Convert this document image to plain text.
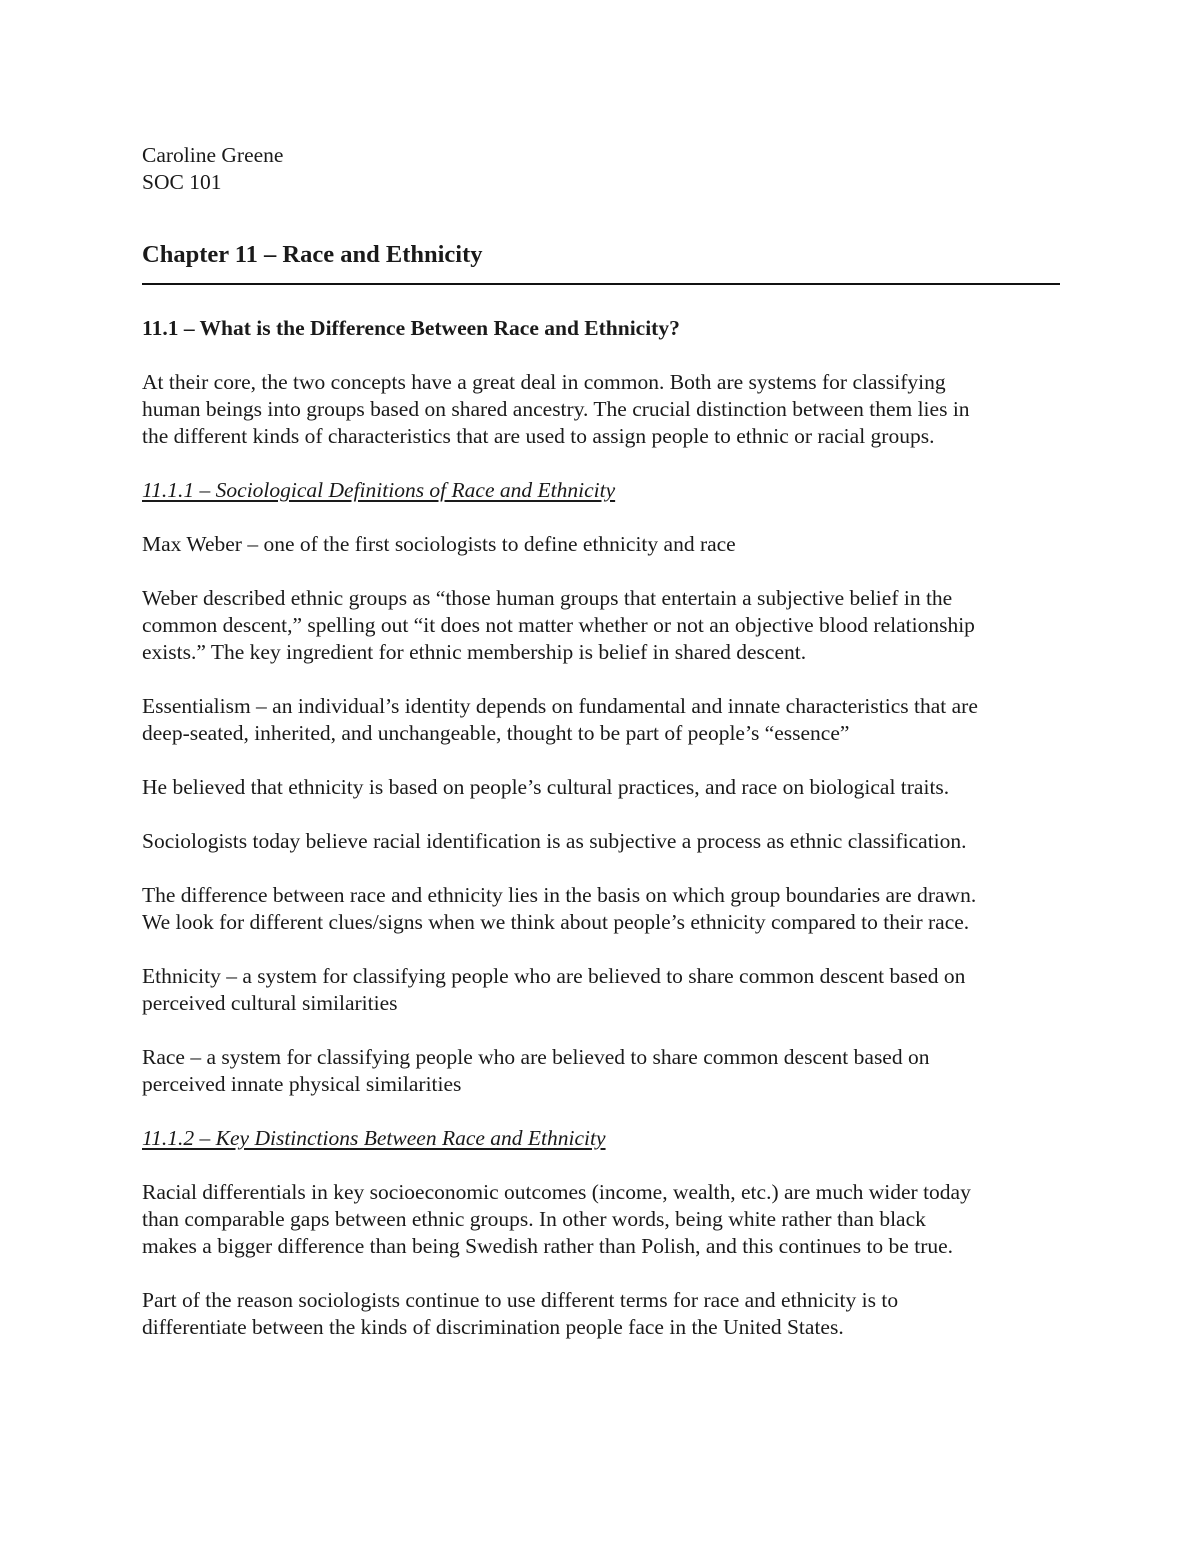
Caroline Greene
SOC 101
Chapter 11 – Race and Ethnicity
11.1 – What is the Difference Between Race and Ethnicity?
At their core, the two concepts have a great deal in common. Both are systems for classifying
human beings into groups based on shared ancestry. The crucial distinction between them lies in
the different kinds of characteristics that are used to assign people to ethnic or racial groups.
11.1.1 – Sociological Definitions of Race and Ethnicity
Max Weber – one of the first sociologists to define ethnicity and race
Weber described ethnic groups as “those human groups that entertain a subjective belief in the
common descent,” spelling out “it does not matter whether or not an objective blood relationship
exists.” The key ingredient for ethnic membership is belief in shared descent.
Essentialism – an individual’s identity depends on fundamental and innate characteristics that are
deep-seated, inherited, and unchangeable, thought to be part of people’s “essence”
He believed that ethnicity is based on people’s cultural practices, and race on biological traits.
Sociologists today believe racial identification is as subjective a process as ethnic classification.
The difference between race and ethnicity lies in the basis on which group boundaries are drawn.
We look for different clues/signs when we think about people’s ethnicity compared to their race.
Ethnicity – a system for classifying people who are believed to share common descent based on
perceived cultural similarities
Race – a system for classifying people who are believed to share common descent based on
perceived innate physical similarities
11.1.2 – Key Distinctions Between Race and Ethnicity
Racial differentials in key socioeconomic outcomes (income, wealth, etc.) are much wider today
than comparable gaps between ethnic groups. In other words, being white rather than black
makes a bigger difference than being Swedish rather than Polish, and this continues to be true.
Part of the reason sociologists continue to use different terms for race and ethnicity is to
differentiate between the kinds of discrimination people face in the United States.
